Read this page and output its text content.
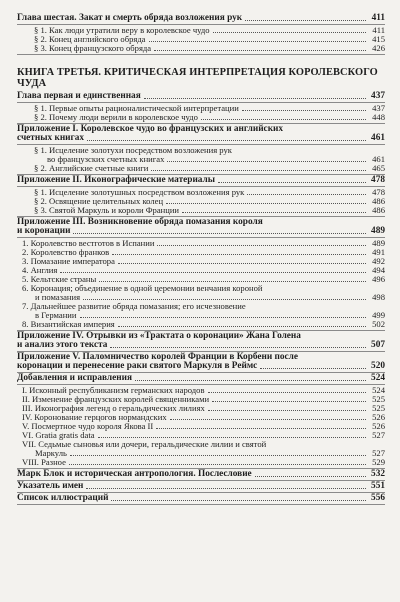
Глава шестая. Закат и смерть обряда возложения рук	411
§ 1. Как люди утратили веру в королевское чудо	411
§ 2. Конец английского обряда	415
§ 3. Конец французского обряда	426
КНИГА ТРЕТЬЯ. КРИТИЧЕСКАЯ ИНТЕРПРЕТАЦИЯ КОРОЛЕВСКОГО ЧУДА
Глава первая и единственная	437
§ 1. Первые опыты рационалистической интерпретации	437
§ 2. Почему люди верили в королевское чудо	448
Приложение I. Королевское чудо во французских и английских
счетных книгах	461
§ 1. Исцеление золотухи посредством возложения рук
во французских счетных книгах	461
§ 2. Английские счетные книги	465
Приложение II. Иконографические материалы	478
§ 1. Исцеление золотушных посредством возложения рук	478
§ 2. Освящение целительных колец	486
§ 3. Святой Маркуль и короли Франции	486
Приложение III. Возникновение обряда помазания короля
и коронации	489
1. Королевство вестготов в Испании	489
2. Королевство франков	491
3. Помазание императора	492
4. Англия	494
5. Кельтские страны	496
6. Коронация; объединение в одной церемонии венчания короной
и помазания	498
7. Дальнейшее развитие обряда помазания; его исчезновение
в Германии	499
8. Византийская империя	502
Приложение IV. Отрывки из «Трактата о коронации» Жана Голена
и анализ этого текста	507
Приложение V. Паломничество королей Франции в Корбени после
коронации и перенесение раки святого Маркуля в Реймс	520
Добавления и исправления	524
I. Исконный республиканизм германских народов	524
II. Изменение французских королей священниками	525
III. Иконография легенд о геральдических лилиях	525
IV. Коронование герцогов нормандских	526
V. Посмертное чудо короля Якова II	526
VI. Gratia gratis data	527
VII. Седьмые сыновья или дочери, геральдические лилии и святой
Маркуль	527
VIII. Разное	529
Марк Блок и историческая антропология. Послесловие	532
Указатель имен	551
Список иллюстраций	556
